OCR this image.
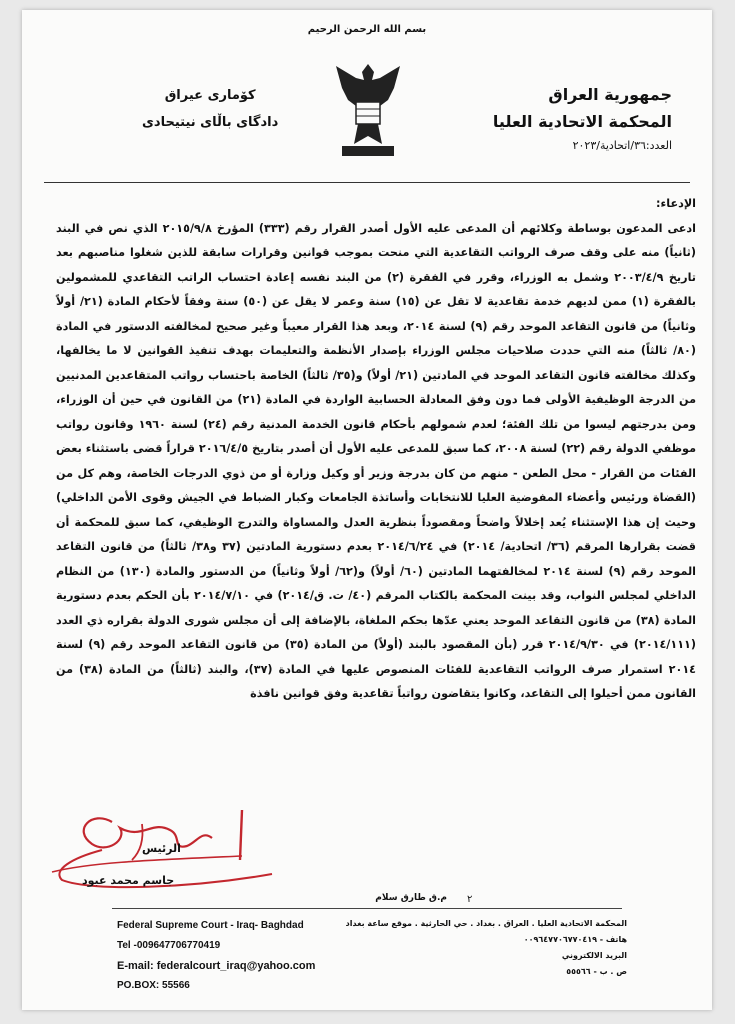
بسم الله الرحمن الرحيم
جمهورية العراق
المحكمة الاتحادية العليا
العدد:٣٦/اتحادية/٢٠٢٣
كۆماری عيراق
دادگای باڵای نیتيحادی
الإدعاء:
ادعى المدعون بوساطة وكلائهم أن المدعى عليه الأول أصدر القرار رقم (٣٣٣) المؤرخ ٢٠١٥/٩/٨ الذي نص في البند (ثانياً) منه على وقف صرف الرواتب التقاعدية التي منحت بموجب قوانين وقرارات سابقة للذين شغلوا مناصبهم بعد تاريخ ٢٠٠٣/٤/٩ وشمل به الوزراء، وقرر في الفقرة (٢) من البند نفسه إعادة احتساب الراتب التقاعدي للمشمولين بالفقرة (١) ممن لديهم خدمة تقاعدية لا تقل عن (١٥) سنة وعمر لا يقل عن (٥٠) سنة وفقاً لأحكام المادة (٢١/ أولاً وثانياً) من قانون التقاعد الموحد رقم (٩) لسنة ٢٠١٤، وبعد هذا القرار معيباً وغير صحيح لمخالفته الدستور في المادة (٨٠/ ثالثاً) منه التي حددت صلاحيات مجلس الوزراء بإصدار الأنظمة والتعليمات بهدف تنفيذ القوانين لا ما يخالفها، وكذلك مخالفته قانون التقاعد الموحد في المادتين (٢١/ أولاً) و(٣٥/ ثالثاً) الخاصة باحتساب رواتب المتقاعدين المدنيين من الدرجة الوظيفية الأولى فما دون وفق المعادلة الحسابية الواردة في المادة (٢١) من القانون في حين أن الوزراء، ومن بدرجتهم ليسوا من تلك الفئة؛ لعدم شمولهم بأحكام قانون الخدمة المدنية رقم (٢٤) لسنة ١٩٦٠ وقانون رواتب موظفي الدولة رقم (٢٢) لسنة ٢٠٠٨، كما سبق للمدعى عليه الأول أن أصدر بتاريخ ٢٠١٦/٤/٥ قراراً قضى باستثناء بعض الفئات من القرار - محل الطعن - منهم من كان بدرجة وزير أو وكيل وزارة أو من ذوي الدرجات الخاصة، وهم كل من (القضاة ورئيس وأعضاء المفوضية العليا للانتخابات وأساتذة الجامعات وكبار الضباط في الجيش وقوى الأمن الداخلي) وحيث إن هذا الإستثناء يُعد إخلالاً واضحاً ومقصوداً بنظرية العدل والمساواة والتدرج الوظيفي، كما سبق للمحكمة أن قضت بقرارها المرقم (٣٦/ اتحادية/ ٢٠١٤) في ٢٠١٤/٦/٢٤ بعدم دستورية المادتين (٣٧ و٣٨/ ثالثاً) من قانون التقاعد الموحد رقم (٩) لسنة ٢٠١٤ لمخالفتهما المادتين (٦٠/ أولاً) و(٦٢/ أولاً وثانياً) من الدستور والمادة (١٣٠) من النظام الداخلي لمجلس النواب، وقد بينت المحكمة بالكتاب المرقم (٤٠/ ت. ق/٢٠١٤) في ٢٠١٤/٧/١٠ بأن الحكم بعدم دستورية المادة (٣٨) من قانون التقاعد الموحد يعني عدّها بحكم الملغاة، بالإضافة إلى أن مجلس شورى الدولة بقراره ذي العدد (٢٠١٤/١١١) في ٢٠١٤/٩/٣٠ قرر (بأن المقصود بالبند (أولاً) من المادة (٣٥) من قانون التقاعد الموحد رقم (٩) لسنة ٢٠١٤ استمرار صرف الرواتب التقاعدية للفئات المنصوص عليها في المادة (٣٧)، والبند (ثالثاً) من المادة (٣٨) من القانون ممن أحيلوا إلى التقاعد، وكانوا يتقاضون رواتباً تقاعدية وفق قوانين نافذة
الرئيس
جاسم محمد عبود
م.ق طارق سلام ٢
Federal Supreme Court - Iraq- Baghdad
Tel -009647706770419
E-mail: federalcourt_iraq@yahoo.com
PO.BOX: 55566
المحكمة الاتحادية العليا . العراق . بغداد . حي الحارثية . موقع ساعة بغداد
هاتف - ٠٠٩٦٤٧٧٠٦٧٧٠٤١٩
البريد الالكتروني
ص . ب - ٥٥٥٦٦
